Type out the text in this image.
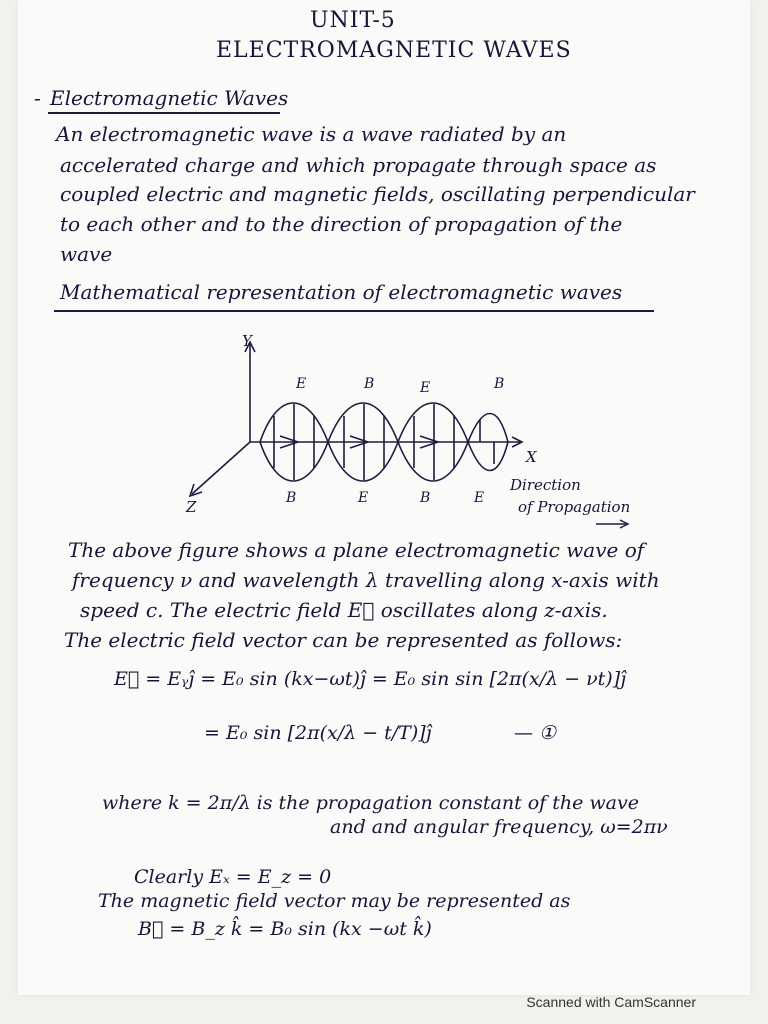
UNIT-5
ELECTROMAGNETIC WAVES
- Electromagnetic Waves
An electromagnetic wave is a wave radiated by an
accelerated charge and which propagate through space as
coupled electric and magnetic fields, oscillating perpendicular
to each other and to the direction of propagation of the
wave
Mathematical representation of electromagnetic waves
Y
X
Z
E	B	E	B
B	E	B	E
Direction
of Propagation
The above figure shows a plane electromagnetic wave of
frequency ν and wavelength λ travelling along x-axis with
speed c. The electric field E⃗ oscillates along z-axis.
The electric field vector can be represented as follows:
E⃗ = Eᵧĵ = E₀ sin (kx−ωt)ĵ = E₀ sin sin [2π(x/λ − νt)]ĵ
= E₀ sin [2π(x/λ − t/T)]ĵ	— ①
where k = 2π/λ is the propagation constant of the wave
and and angular frequency, ω=2πν
Clearly Eₓ = E_z = 0
The magnetic field vector may be represented as
B⃗ = B_z k̂ = B₀ sin (kx −ωt k̂)
Scanned with CamScanner
